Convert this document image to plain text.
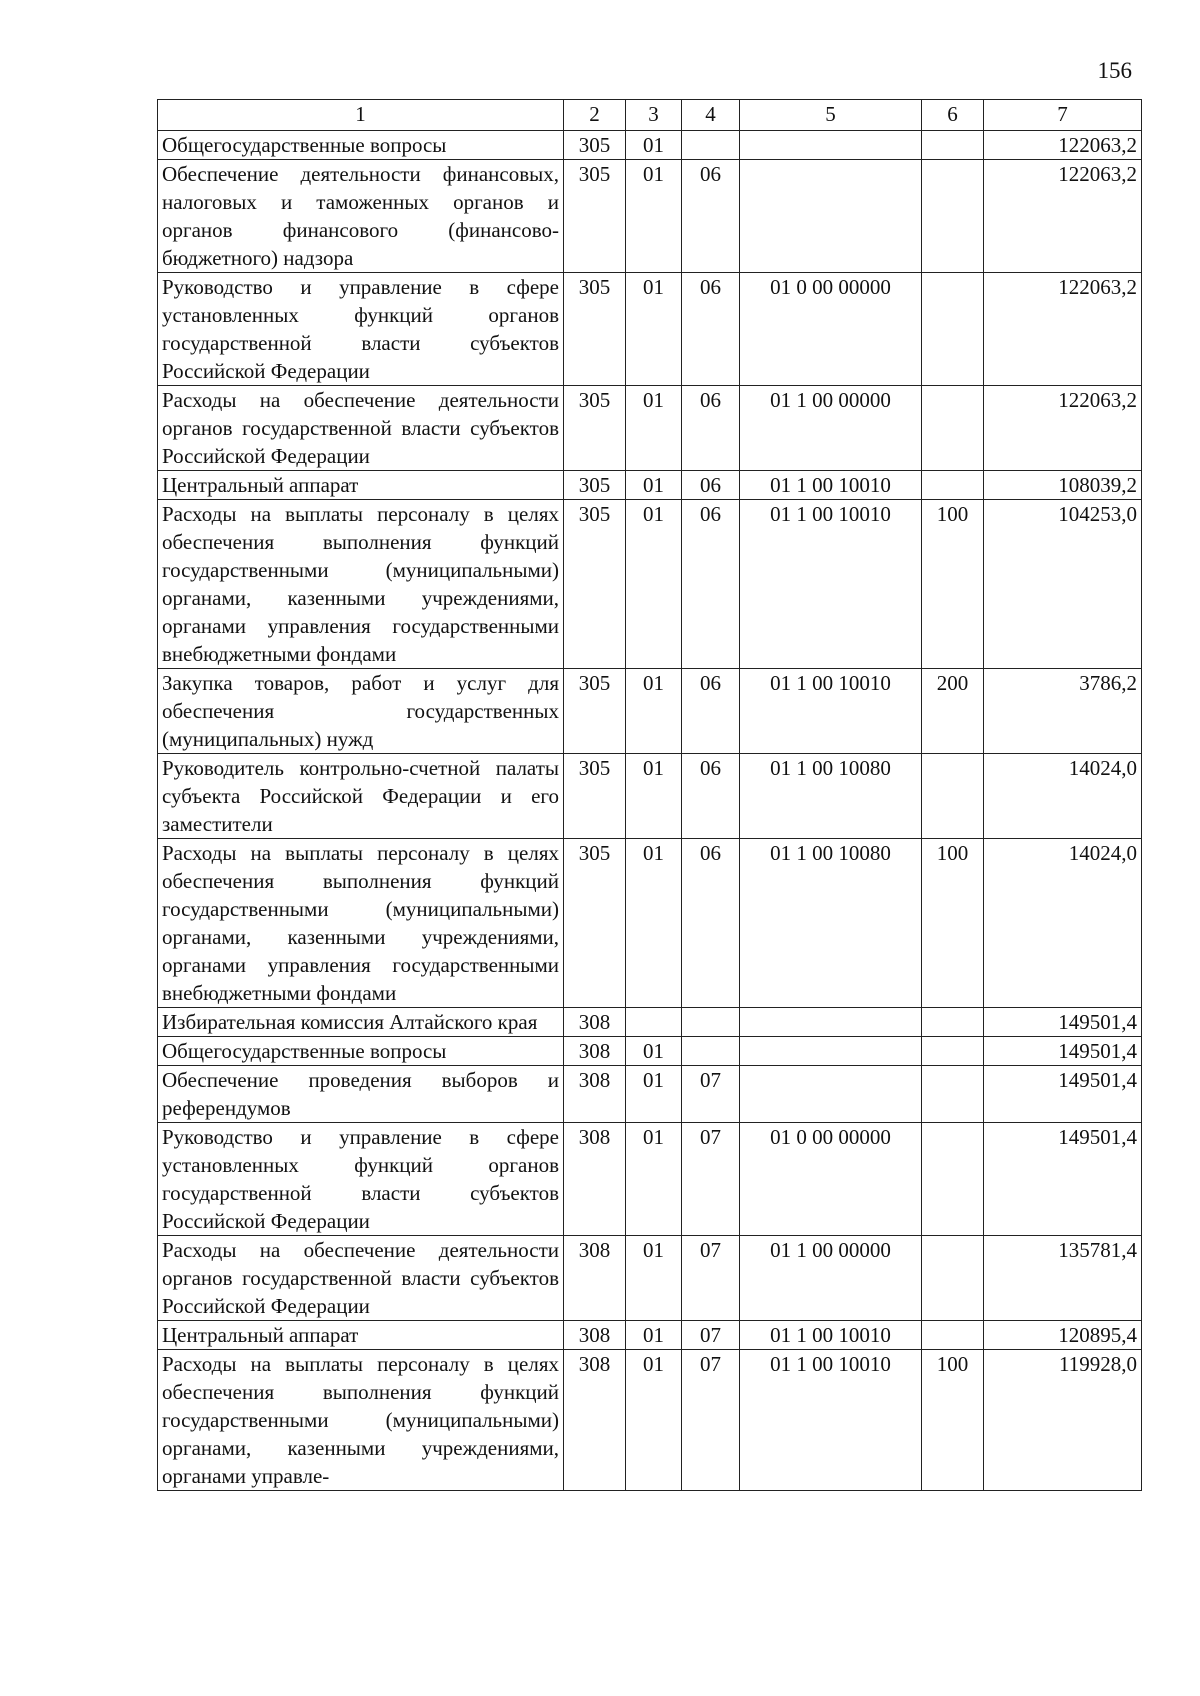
156
1	2	3	4	5	6	7
Общегосударственные вопросы	305	01				122063,2
Обеспечение деятельности финансовых, налоговых и таможенных органов и органов финансового (финансово-бюджетного) надзора	305	01	06			122063,2
Руководство и управление в сфере установленных функций органов государственной власти субъектов Российской Федерации	305	01	06	01 0 00 00000		122063,2
Расходы на обеспечение деятельности органов государственной власти субъектов Российской Федерации	305	01	06	01 1 00 00000		122063,2
Центральный аппарат	305	01	06	01 1 00 10010		108039,2
Расходы на выплаты персоналу в целях обеспечения выполнения функций государственными (муниципальными) органами, казенными учреждениями, органами управления государственными внебюджетными фондами	305	01	06	01 1 00 10010	100	104253,0
Закупка товаров, работ и услуг для обеспечения государственных (муниципальных) нужд	305	01	06	01 1 00 10010	200	3786,2
Руководитель контрольно-счетной палаты субъекта Российской Федерации и его заместители	305	01	06	01 1 00 10080		14024,0
Расходы на выплаты персоналу в целях обеспечения выполнения функций государственными (муниципальными) органами, казенными учреждениями, органами управления государственными внебюджетными фондами	305	01	06	01 1 00 10080	100	14024,0
Избирательная комиссия Алтайского края	308					149501,4
Общегосударственные вопросы	308	01				149501,4
Обеспечение проведения выборов и референдумов	308	01	07			149501,4
Руководство и управление в сфере установленных функций органов государственной власти субъектов Российской Федерации	308	01	07	01 0 00 00000		149501,4
Расходы на обеспечение деятельности органов государственной власти субъектов Российской Федерации	308	01	07	01 1 00 00000		135781,4
Центральный аппарат	308	01	07	01 1 00 10010		120895,4
Расходы на выплаты персоналу в целях обеспечения выполнения функций государственными (муниципальными) органами, казенными учреждениями, органами управле-	308	01	07	01 1 00 10010	100	119928,0
